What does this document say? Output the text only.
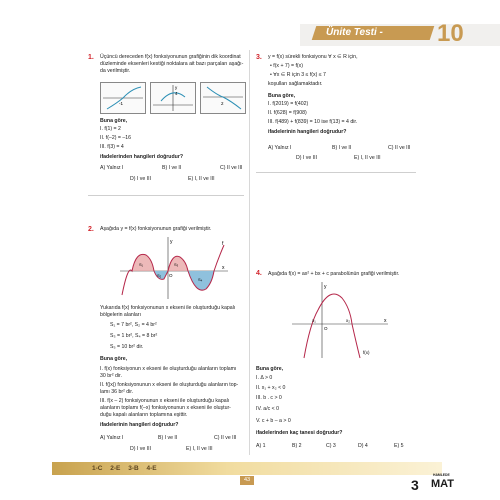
Ünite Testi - 10
1. Üçüncü dereceden f(x) fonksiyonunun grafiğinin dik koordinat
düzleminde eksenleri kestiği noktalara ait bazı parçaları aşağı-
da verilmiştir.
-1
y
4
2
Buna göre,
I. f(1) = 2
II. f(–2) = –16
III. f(3) = 4
ifadelerinden hangileri doğrudur?
A) Yalnız I	B) I ve II	C) II ve III
D) I ve III	E) I, II ve III
2. Aşağıda y = f(x) fonksiyonunun grafiği verilmiştir.
y	f
x
O
S₁
S₂
S₃
S₄
Yukarıda f(x) fonksiyonunun x ekseni ile oluşturduğu kapalı
bölgelerin alanları
S₁ = 7 br², S₂ = 4 br²
S₃ = 1 br², S₄ = 8 br²
S₅ = 10 br² dir.
Buna göre,
I. f(x) fonksiyonun x ekseni ile oluşturduğu alanların toplamı
30 br² dir.
II. f(|x|) fonksiyonunun x ekseni ile oluşturduğu alanların top-
lamı 36 br² dir.
III. f(x – 2) fonksiyonunun x ekseni ile oluşturduğu kapalı
alanların toplamı f(–x) fonksiyonunun x ekseni ile oluştur-
duğu kapalı alanların toplamına eşittir.
ifadelerinin hangileri doğrudur?
A) Yalnız I	B) I ve II	C) II ve III
D) I ve III	E) I, II ve III
3. y = f(x) sürekli fonksiyonu ∀ x ∈ R için,
• f(x + 7) = f(x)
• ∀x ∈ R için 3 ≤ f(x) ≤ 7
koşulları sağlamaktadır.
Buna göre,
I. f(2019) = f(402)
II. f(628) = f(908)
III. f(489) + f(839) = 10 ise f(13) = 4 dir.
ifadelerinin hangileri doğrudur?
A) Yalnız I	B) I ve II	C) II ve III
D) I ve III	E) I, II ve III
4. Aşağıda f(x) = ax² + bx + c parabolünün grafiği verilmiştir.
y
x
x₁
O
x₂
f(x)
Buna göre,
I. Δ > 0
II. x₁ + x₂ < 0
III. b . c > 0
IV. a/c < 0
V. c + b – a > 0
ifadelerinden kaç tanesi doğrudur?
A) 1	B) 2	C) 3	D) 4	E) 5
1-C 2-E 3-B 4-E
43
HAMLEDE
3 MAT
